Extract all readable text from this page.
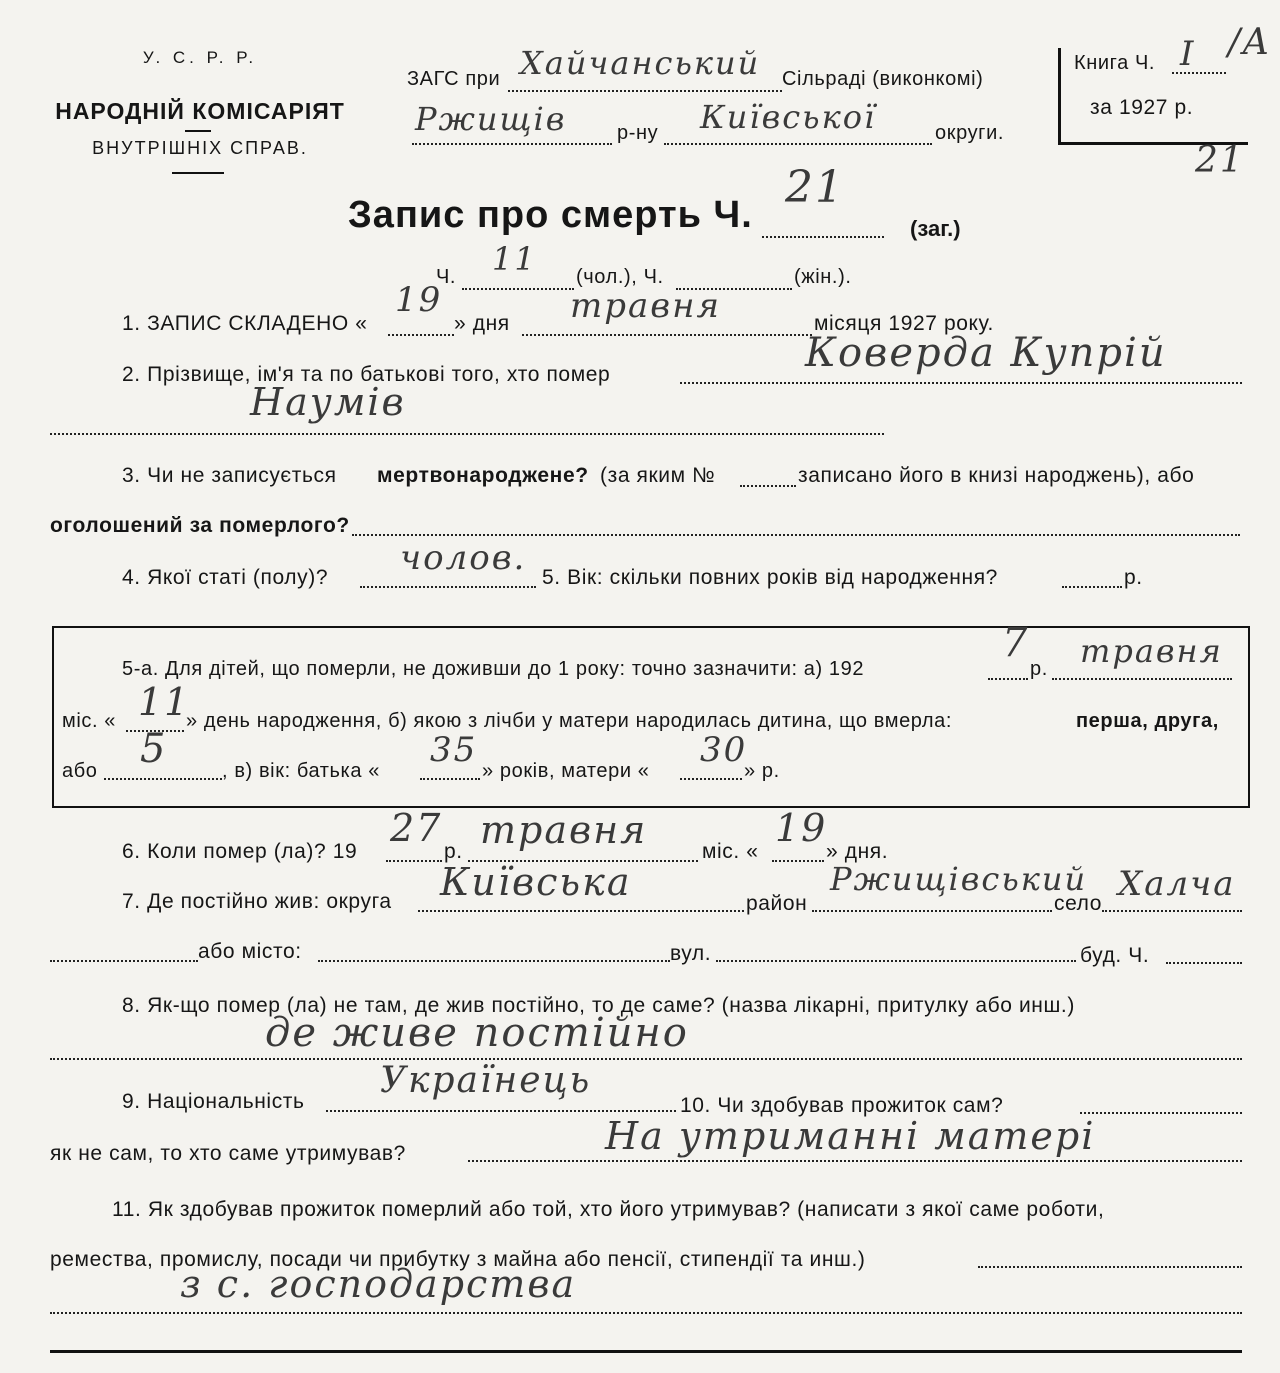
У. С. Р. Р.
НАРОДНІЙ КОМІСАРІЯТ
ВНУТРІШНІХ СПРАВ.
ЗАГС при Хайчанський Сільраді (виконкомі)
Ржищів	р-ну Київської	округи.
Книга Ч. I /А
за 1927 р.
21
Запис про смерть Ч.
21
(заг.)
Ч. 11 (чол.), Ч.	(жін.).
1. ЗАПИС СКЛАДЕНО «
19
» дня травня	місяця 1927 року.
2. Прізвище, ім'я та по батькові того, хто помер	Коверда Купрій
Наумів
3. Чи не записується мертвонароджене? (за яким №	записано його в книзі народжень), або
оголошений за померлого?
4. Якої статі (полу)? чолов. 5. Вік: скільки повних років від народження?	р.
5-а. Для дітей, що померли, не доживши до 1 року: точно зазначити: а) 192
7
р. травня
міс. « 11
» день народження, б) якою з лічби у матери народилась дитина, що вмерла:	перша, друга,
або 5	, в) вік: батька «
35
» років, матери «
30
» р.
6. Коли помер (ла)? 19
27
р. травня	міс. «
19
» дня.
7. Де постійно жив: округа Київська	район
Ржищівський
село Халча
або місто:	вул.	буд. Ч.
8. Як-що помер (ла) не там, де жив постійно, то де саме? (назва лікарні, притулку або инш.)
де живе постійно
9. Національність
Українець
10. Чи здобував прожиток сам?
як не сам, то хто саме утримував?	На утриманні матері
11. Як здобував прожиток померлий або той, хто його утримував? (написати з якої саме роботи,
ремества, промислу, посади чи прибутку з майна або пенсії, стипендії та инш.)
з с. господарства
